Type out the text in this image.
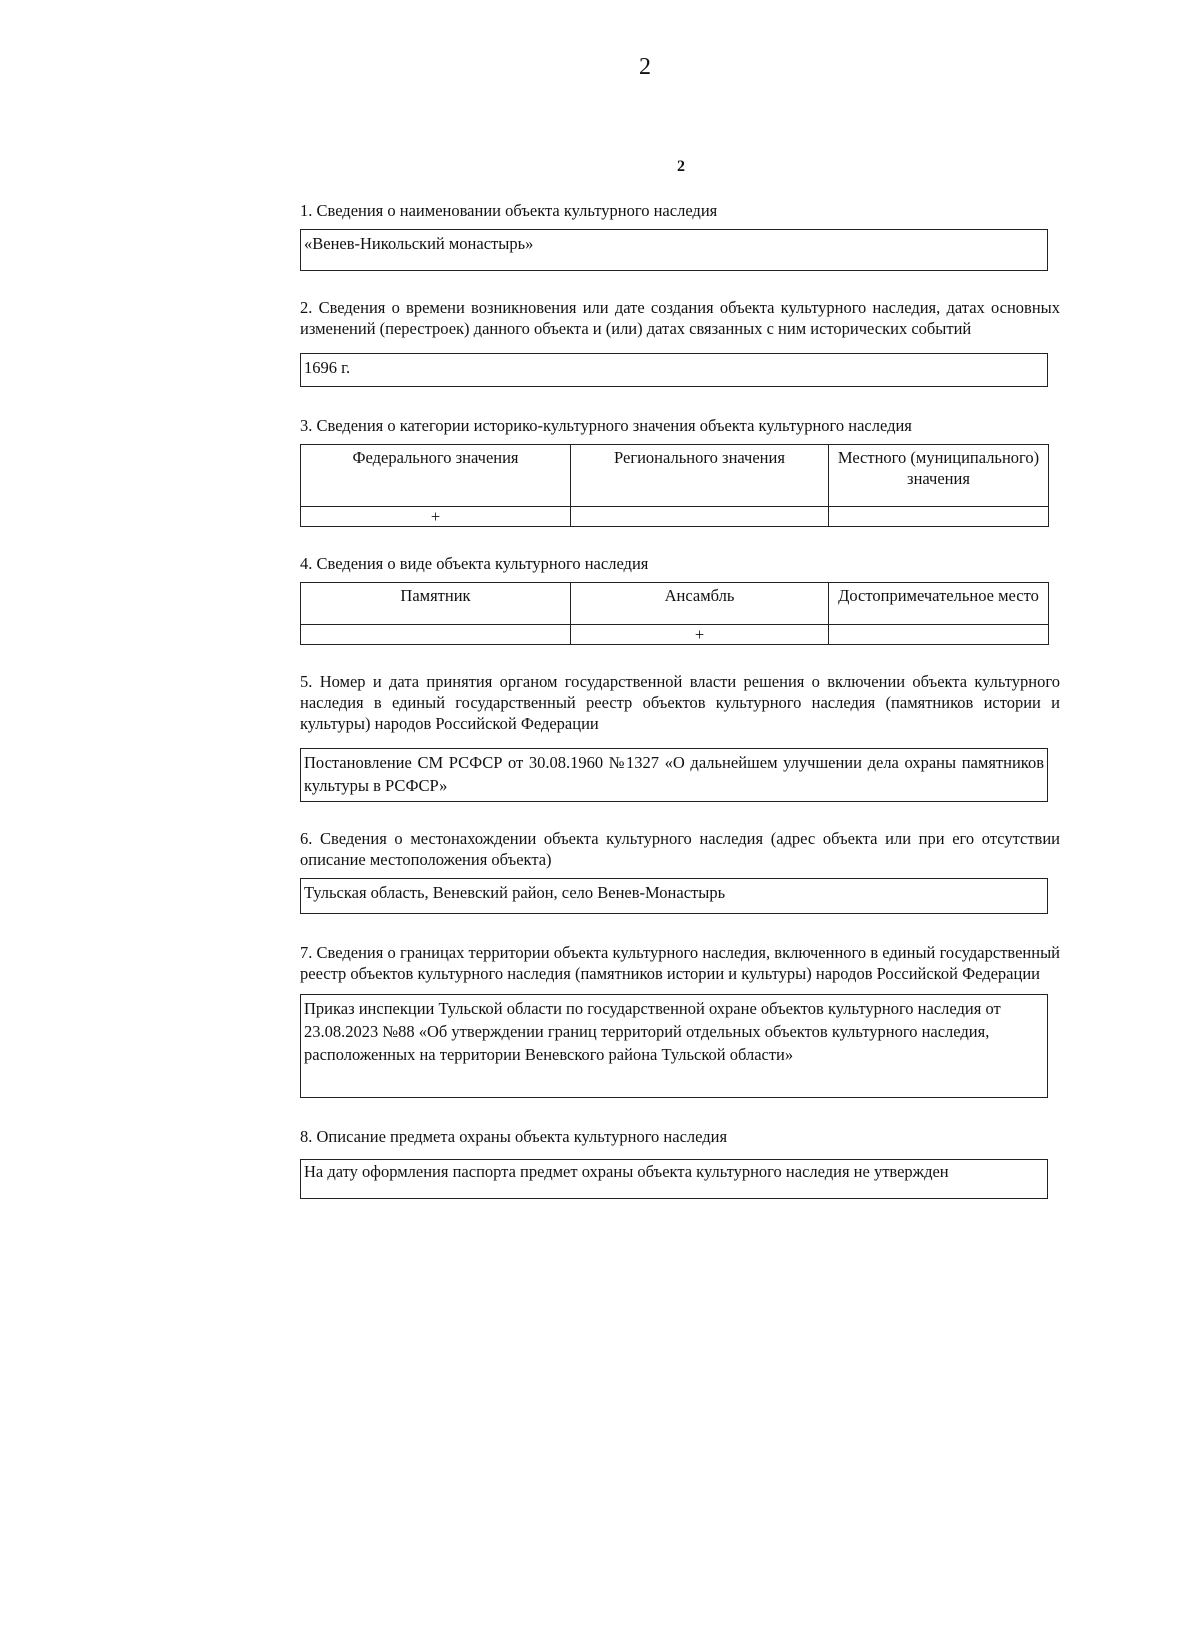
2
2

1. Сведения о наименовании объекта культурного наследия

«Венев-Никольский монастырь»

2. Сведения о времени возникновения или дате создания объекта культурного наследия, датах основных изменений (перестроек) данного объекта и (или) датах связанных с ним исторических событий

1696 г.

3. Сведения о категории историко-культурного значения объекта культурного наследия

Федерального значения	Регионального значения	Местного (муниципального) значения
+		

4. Сведения о виде объекта культурного наследия

Памятник	Ансамбль	Достопримечательное место
	+	

5. Номер и дата принятия органом государственной власти решения о включении объекта культурного наследия в единый государственный реестр объектов культурного наследия (памятников истории и культуры) народов Российской Федерации

Постановление СМ РСФСР от 30.08.1960 №1327 «О дальнейшем улучшении дела охраны памятников культуры в РСФСР»

6. Сведения о местонахождении объекта культурного наследия (адрес объекта или при его отсутствии описание местоположения объекта)

Тульская область, Веневский район, село Венев-Монастырь

7. Сведения о границах территории объекта культурного наследия, включенного в единый государственный реестр объектов культурного наследия (памятников истории и культуры) народов Российской Федерации

Приказ инспекции Тульской области по государственной охране объектов культурного наследия от 23.08.2023 №88 «Об утверждении границ территорий отдельных объектов культурного наследия, расположенных на территории Веневского района Тульской области»

8. Описание предмета охраны объекта культурного наследия

На дату оформления паспорта предмет охраны объекта культурного наследия не утвержден
